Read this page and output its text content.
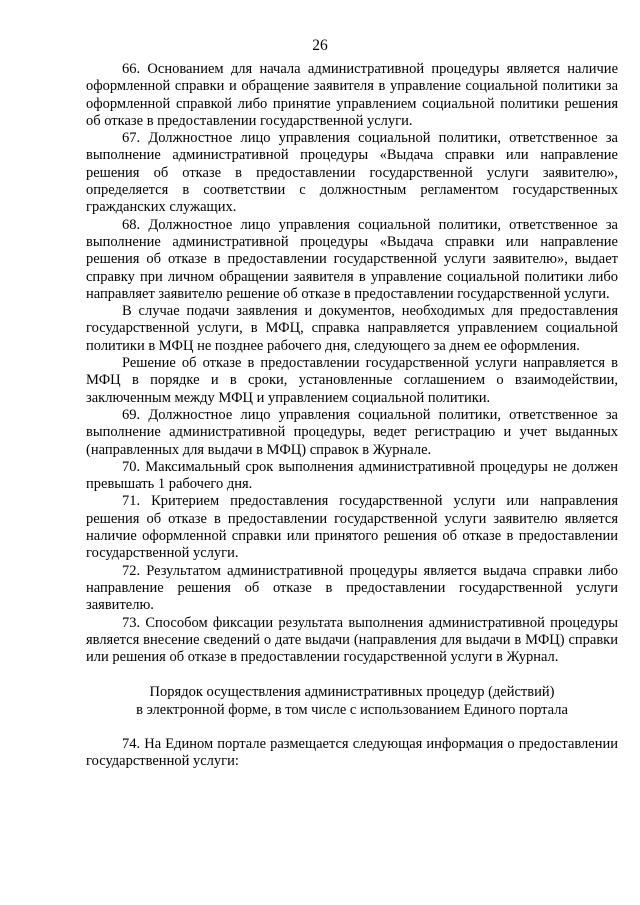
26

66. Основанием для начала административной процедуры является наличие оформленной справки и обращение заявителя в управление социальной политики за оформленной справкой либо принятие управлением социальной политики решения об отказе в предоставлении государственной услуги.

67. Должностное лицо управления социальной политики, ответственное за выполнение административной процедуры «Выдача справки или направление решения об отказе в предоставлении государственной услуги заявителю», определяется в соответствии с должностным регламентом государственных гражданских служащих.

68. Должностное лицо управления социальной политики, ответственное за выполнение административной процедуры «Выдача справки или направление решения об отказе в предоставлении государственной услуги заявителю», выдает справку при личном обращении заявителя в управление социальной политики либо направляет заявителю решение об отказе в предоставлении государственной услуги.

В случае подачи заявления и документов, необходимых для предоставления государственной услуги, в МФЦ, справка направляется управлением социальной политики в МФЦ не позднее рабочего дня, следующего за днем ее оформления.

Решение об отказе в предоставлении государственной услуги направляется в МФЦ в порядке и в сроки, установленные соглашением о взаимодействии, заключенным между МФЦ и управлением социальной политики.

69. Должностное лицо управления социальной политики, ответственное за выполнение административной процедуры, ведет регистрацию и учет выданных (направленных для выдачи в МФЦ) справок в Журнале.

70. Максимальный срок выполнения административной процедуры не должен превышать 1 рабочего дня.

71. Критерием предоставления государственной услуги или направления решения об отказе в предоставлении государственной услуги заявителю является наличие оформленной справки или принятого решения об отказе в предоставлении государственной услуги.

72. Результатом административной процедуры является выдача справки либо направление решения об отказе в предоставлении государственной услуги заявителю.

73. Способом фиксации результата выполнения административной процедуры является внесение сведений о дате выдачи (направления для выдачи в МФЦ) справки или решения об отказе в предоставлении государственной услуги в Журнал.

Порядок осуществления административных процедур (действий)
в электронной форме, в том числе с использованием Единого портала

74. На Едином портале размещается следующая информация о предоставлении государственной услуги:
